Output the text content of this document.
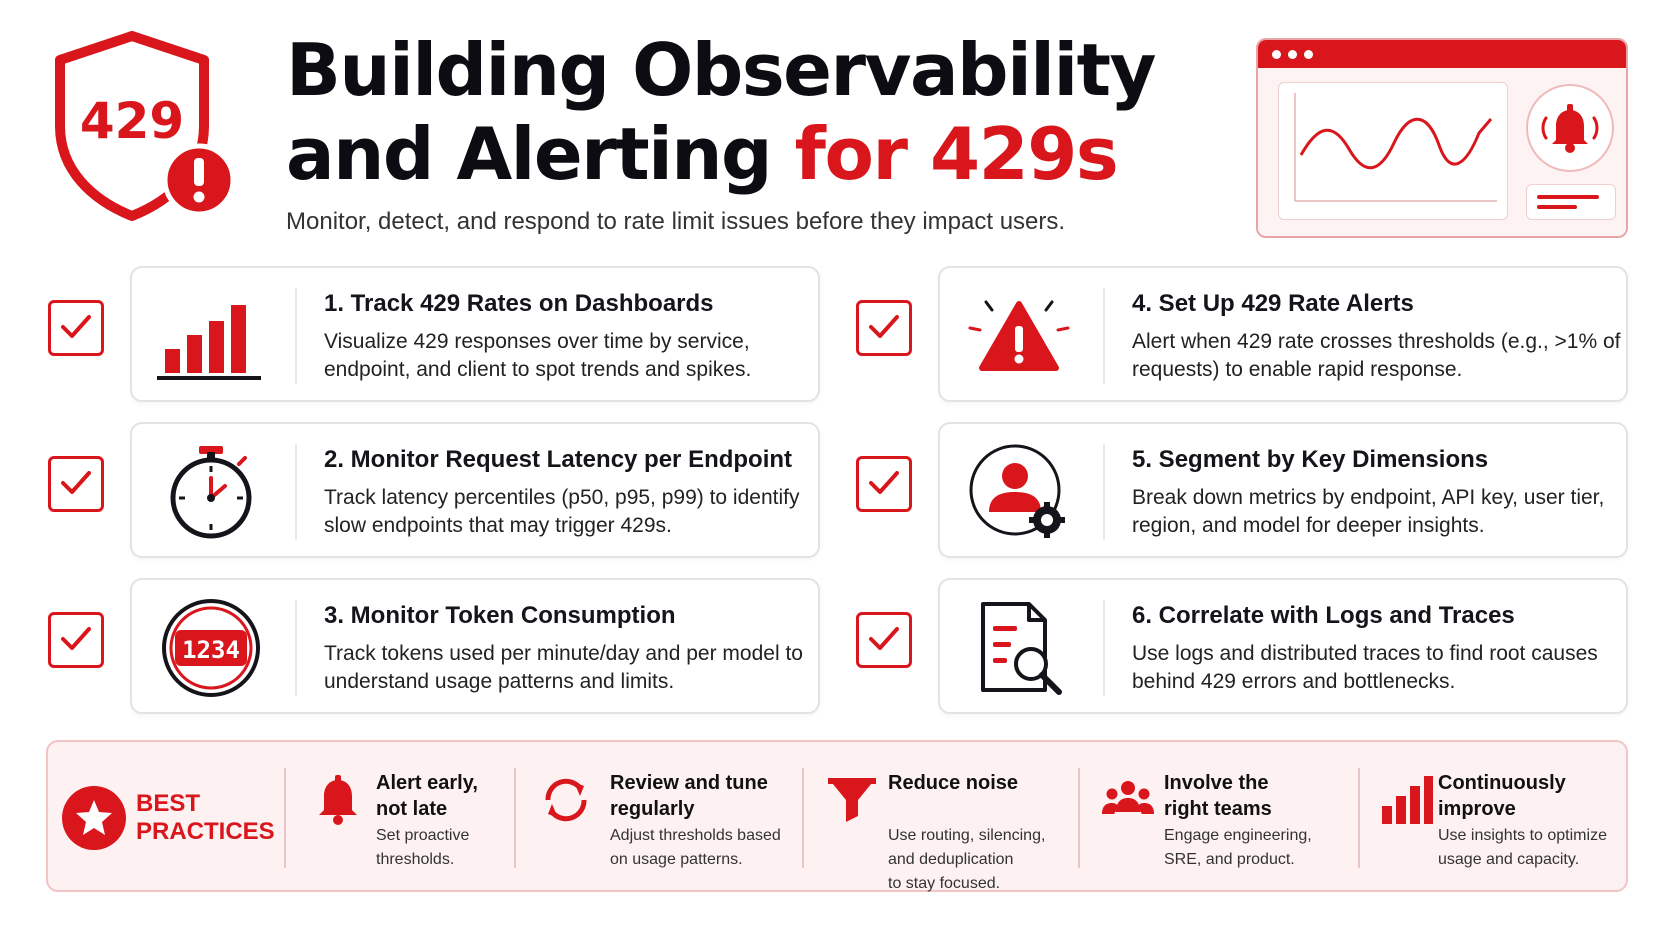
429
Building Observability
and Alerting for 429s
Monitor, detect, and respond to rate limit issues before they impact users.
1. Track 429 Rates on Dashboards
Visualize 429 responses over time by service, endpoint, and client to spot trends and spikes.
2. Monitor Request Latency per Endpoint
Track latency percentiles (p50, p95, p99) to identify slow endpoints that may trigger 429s.
1234
3. Monitor Token Consumption
Track tokens used per minute/day and per model to understand usage patterns and limits.
4. Set Up 429 Rate Alerts
Alert when 429 rate crosses thresholds (e.g., >1% of requests) to enable rapid response.
5. Segment by Key Dimensions
Break down metrics by endpoint, API key, user tier, region, and model for deeper insights.
6. Correlate with Logs and Traces
Use logs and distributed traces to find root causes behind 429 errors and bottlenecks.
BEST
PRACTICES
Alert early,
not late
Set proactive
thresholds.
Review and tune
regularly
Adjust thresholds based
on usage patterns.
Reduce noise
Use routing, silencing,
and deduplication
to stay focused.
Involve the
right teams
Engage engineering,
SRE, and product.
Continuously
improve
Use insights to optimize
usage and capacity.
